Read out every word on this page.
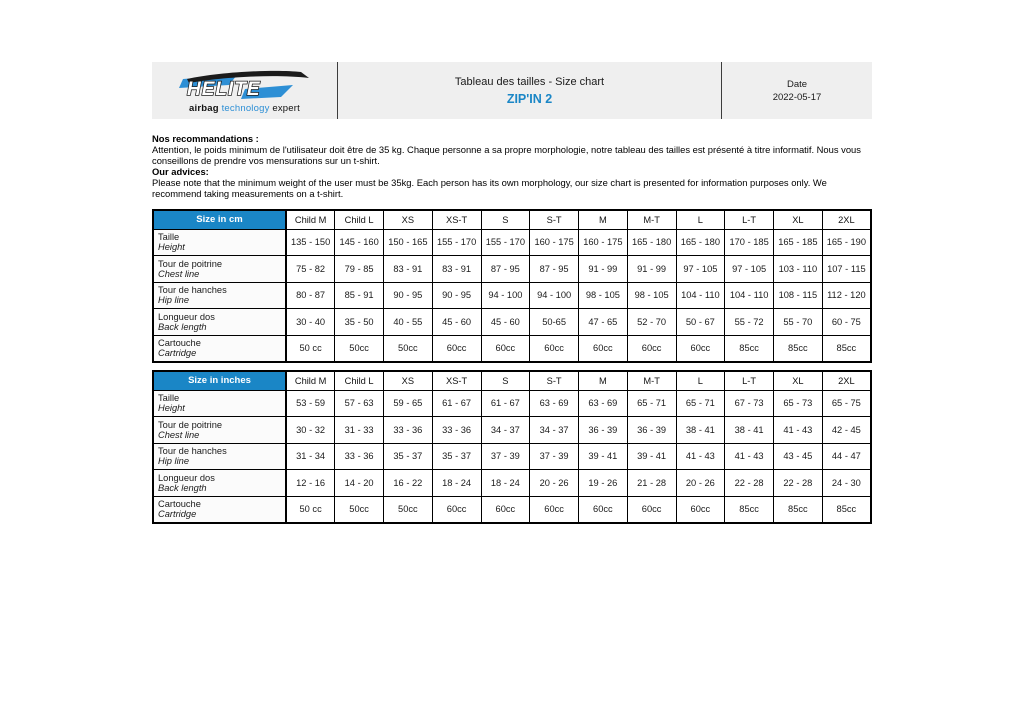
HELITE
airbag technology expert
Tableau des tailles - Size chart
ZIP'IN 2
Date
2022-05-17
Nos recommandations :
Attention, le poids minimum de l'utilisateur doit être de 35 kg. Chaque personne a sa propre morphologie, notre tableau des tailles est présenté à titre informatif. Nous vous conseillons de prendre vos mensurations sur un t-shirt.
Our advices:
Please note that the minimum weight of the user must be 35kg. Each person has its own morphology, our size chart is presented for information purposes only. We recommend taking measurements on a t-shirt.
Size in cm	Child M	Child L	XS	XS-T	S	S-T	M	M-T	L	L-T	XL	2XL

Taille
Height	135 - 150	145 - 160	150 - 165	155 - 170	155 - 170	160 - 175	160 - 175	165 - 180	165 - 180	170 - 185	165 - 185	165 - 190

Tour de poitrine
Chest line	75 - 82	79 - 85	83 - 91	83 - 91	87 - 95	87 - 95	91 - 99	91 - 99	97 - 105	97 - 105	103 - 110	107 - 115

Tour de hanches
Hip line	80 - 87	85 - 91	90 - 95	90 - 95	94 - 100	94 - 100	98 - 105	98 - 105	104 - 110	104 - 110	108 - 115	112 - 120

Longueur dos
Back length	30 - 40	35 - 50	40 - 55	45 - 60	45 - 60	50-65	47 - 65	52 - 70	50 - 67	55 - 72	55 - 70	60 - 75

Cartouche
Cartridge	50 cc	50cc	50cc	60cc	60cc	60cc	60cc	60cc	60cc	85cc	85cc	85cc
Size in inches	Child M	Child L	XS	XS-T	S	S-T	M	M-T	L	L-T	XL	2XL

Taille
Height	53 - 59	57 - 63	59 - 65	61 - 67	61 - 67	63 - 69	63 - 69	65 - 71	65 - 71	67 - 73	65 - 73	65 - 75

Tour de poitrine
Chest line	30 - 32	31 - 33	33 - 36	33 - 36	34 - 37	34 - 37	36 - 39	36 - 39	38 - 41	38 - 41	41 - 43	42 - 45

Tour de hanches
Hip line	31 - 34	33 - 36	35 - 37	35 - 37	37 - 39	37 - 39	39 - 41	39 - 41	41 - 43	41 - 43	43 - 45	44 - 47

Longueur dos
Back length	12 - 16	14 - 20	16 - 22	18 - 24	18 - 24	20 - 26	19 - 26	21 - 28	20 - 26	22 - 28	22 - 28	24 - 30

Cartouche
Cartridge	50 cc	50cc	50cc	60cc	60cc	60cc	60cc	60cc	60cc	85cc	85cc	85cc
